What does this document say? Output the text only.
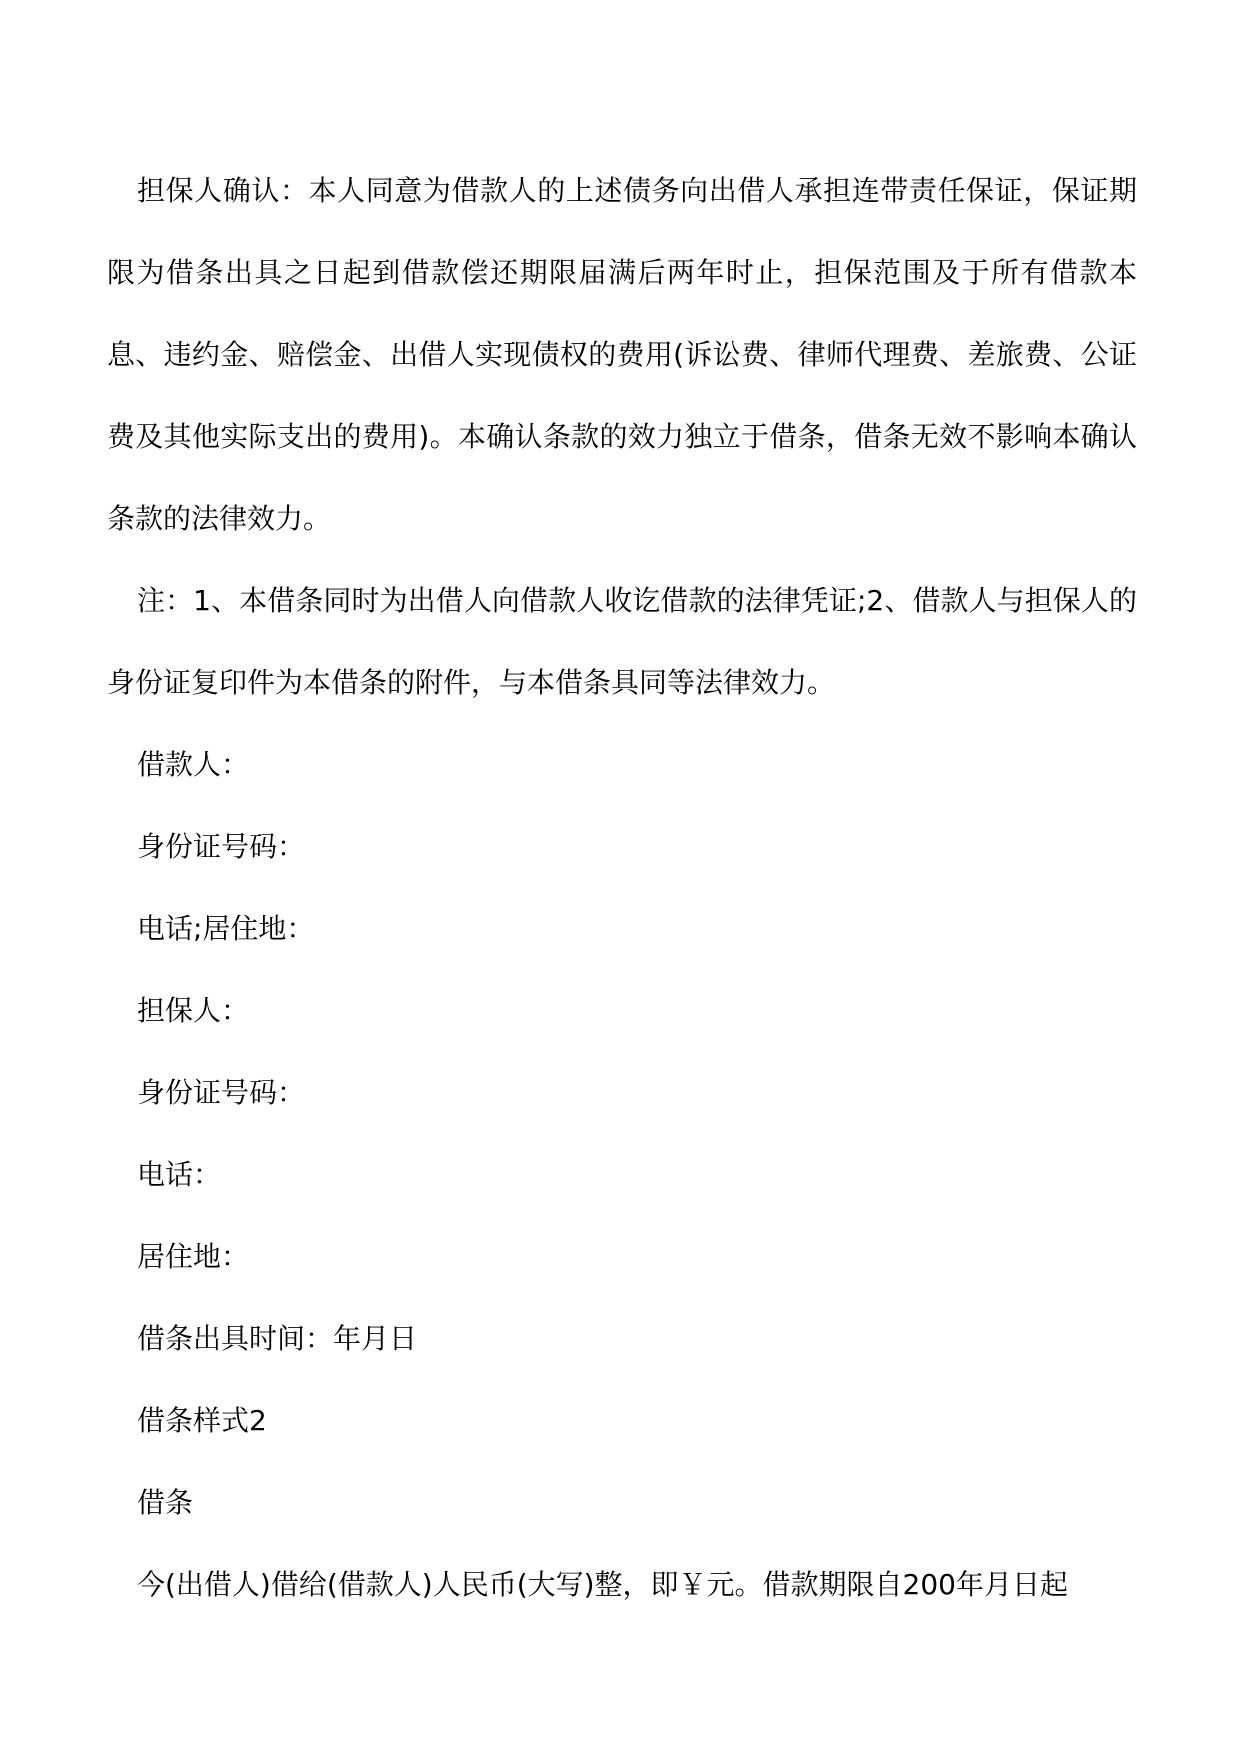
担保人确认：本人同意为借款人的上述债务向出借人承担连带责任保证，保证期限为借条出具之日起到借款偿还期限届满后两年时止，担保范围及于所有借款本息、违约金、赔偿金、出借人实现债权的费用(诉讼费、律师代理费、差旅费、公证费及其他实际支出的费用)。本确认条款的效力独立于借条，借条无效不影响本确认条款的法律效力。

注：1、本借条同时为出借人向借款人收讫借款的法律凭证;2、借款人与担保人的身份证复印件为本借条的附件，与本借条具同等法律效力。

借款人：

身份证号码：

电话;居住地：

担保人：

身份证号码：

电话：

居住地：

借条出具时间：年月日

借条样式2

借条

今(出借人)借给(借款人)人民币(大写)整，即￥元。借款期限自200年月日起
